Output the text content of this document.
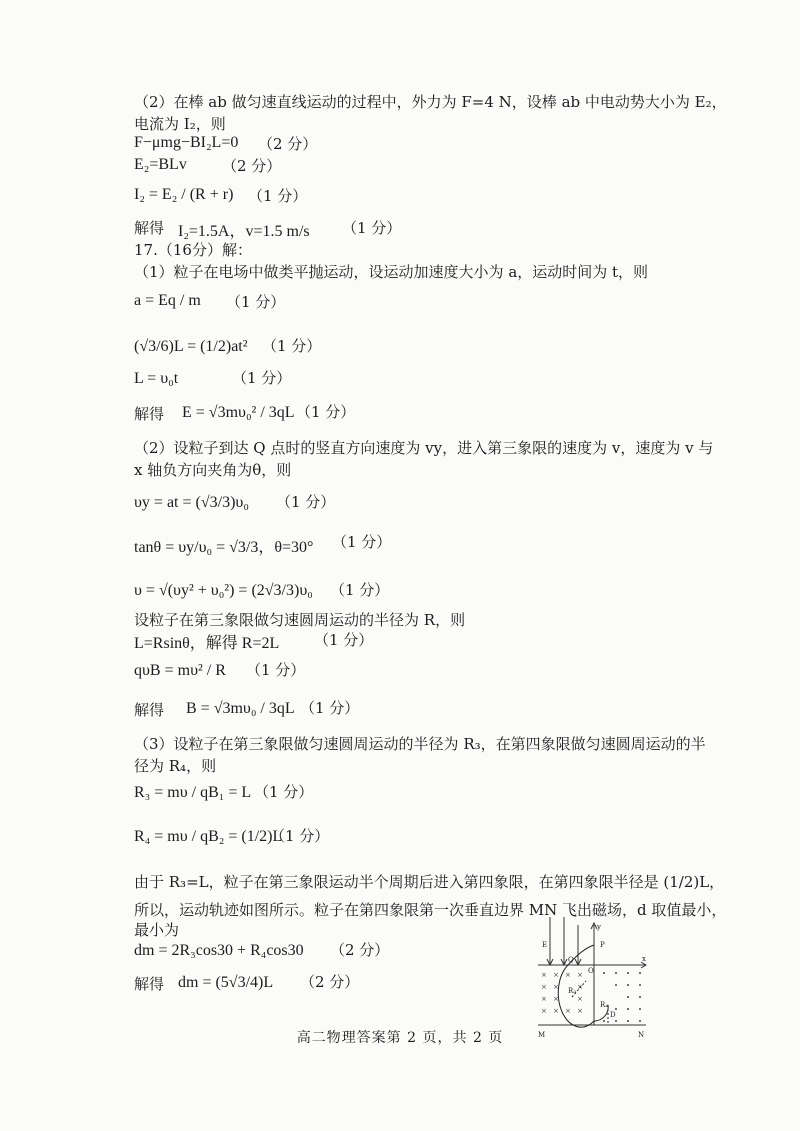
（2）在棒 ab 做匀速直线运动的过程中，外力为 F=4 N，设棒 ab 中电动势大小为 E₂，
电流为 I₂，则
F−μmg−BI₂L=0 （2 分）
E₂=BLv （2 分）
I₂ = E₂ / (R + r) （1 分）
解得 I₂=1.5A，v=1.5 m/s （1 分）
17.（16分）解：
（1）粒子在电场中做类平抛运动，设运动加速度大小为 a，运动时间为 t，则
a = Eq / m （1 分）
(√3/6)L = (1/2)at² （1 分）
L = υ₀t	（1 分）
解得 E = √3mυ₀² / 3qL （1 分）
（2）设粒子到达 Q 点时的竖直方向速度为 vy，进入第三象限的速度为 v，速度为 v 与
x 轴负方向夹角为θ，则
υy = at = (√3/3)υ₀ （1 分）
tanθ = υy/υ₀ = √3/3，θ=30° （1 分）
υ = √(υy² + υ₀²) = (2√3/3)υ₀ （1 分）
设粒子在第三象限做匀速圆周运动的半径为 R，则
L=Rsinθ，解得 R=2L （1 分）
qυB = mυ² / R （1 分）
解得 B = √3mυ₀ / 3qL （1 分）
（3）设粒子在第三象限做匀速圆周运动的半径为 R₃，在第四象限做匀速圆周运动的半
径为 R₄，则
R₃ = mυ / qB₁ = L （1 分）
R₄ = mυ / qB₂ = (1/2)L
（1 分）
由于 R₃=L，粒子在第三象限运动半个周期后进入第四象限，在第四象限半径是 (1/2)L，
所以，运动轨迹如图所示。粒子在第四象限第一次垂直边界 MN 飞出磁场，d 取值最小，
最小为
dm = 2R₃cos30 + R₄cos30 （2 分）
解得 dm = (5√3/4)L （2 分）	× × × ×
× ×	×
× ×	×
× × × ×
E
y
P
Q
O
x
R₃
R₄
D
M	N
高二物理答案第 2 页，共 2 页
